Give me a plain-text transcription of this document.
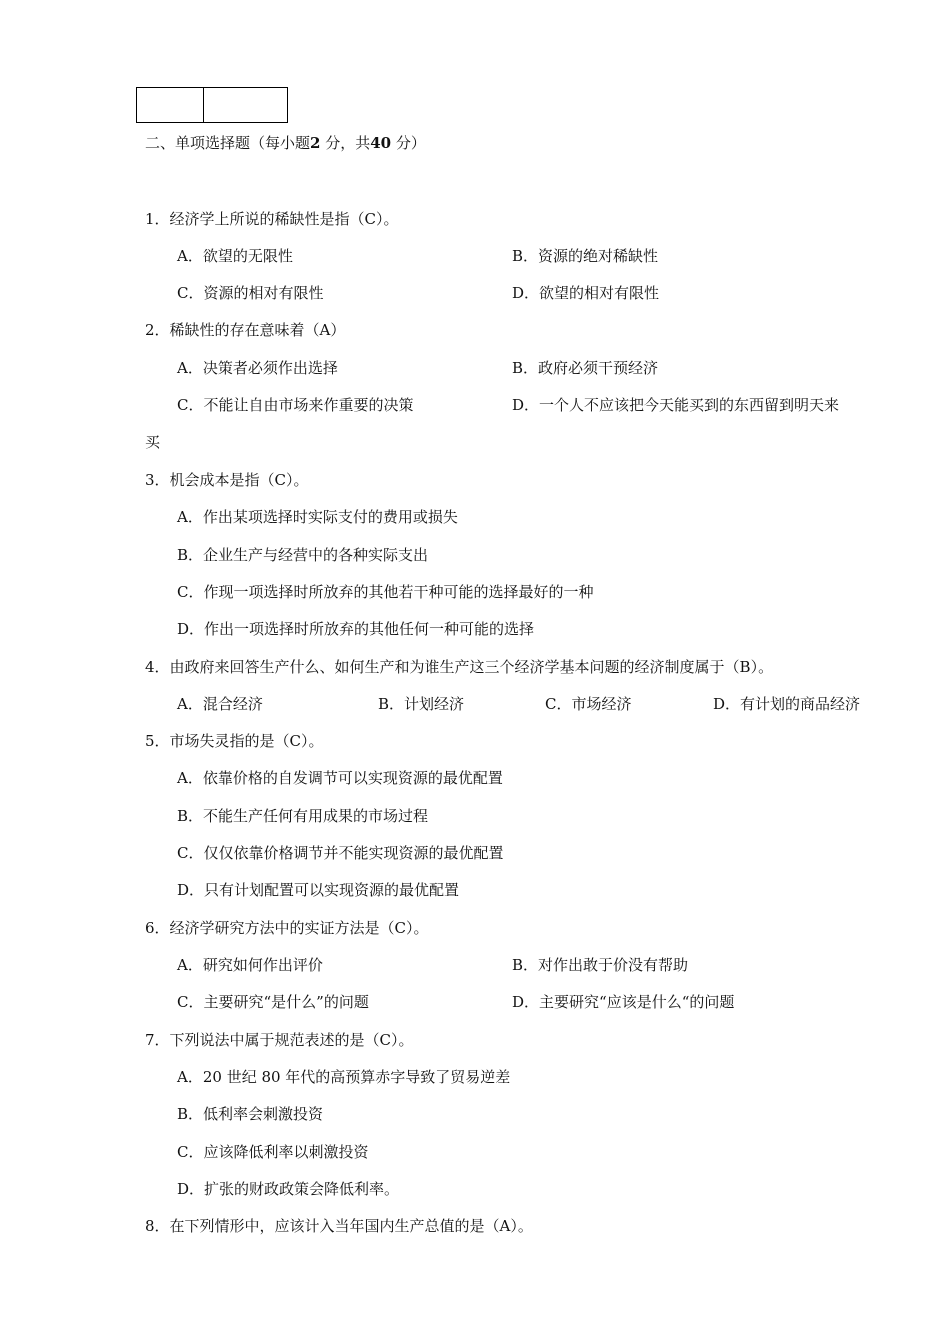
二、单项选择题（每小题2 分，共40 分）
1．经济学上所说的稀缺性是指（C）。
A．欲望的无限性	B．资源的绝对稀缺性
C．资源的相对有限性	D．欲望的相对有限性
2．稀缺性的存在意味着（A）
A．决策者必须作出选择	B．政府必须干预经济
C．不能让自由市场来作重要的决策	D．一个人不应该把今天能买到的东西留到明天来
买
3．机会成本是指（C）。
A．作出某项选择时实际支付的费用或损失
B．企业生产与经营中的各种实际支出
C．作现一项选择时所放弃的其他若干种可能的选择最好的一种
D．作出一项选择时所放弃的其他任何一种可能的选择
4．由政府来回答生产什么、如何生产和为谁生产这三个经济学基本问题的经济制度属于（B）。
A．混合经济	B．计划经济	C．市场经济	D．有计划的商品经济
5．市场失灵指的是（C）。
A．依靠价格的自发调节可以实现资源的最优配置
B．不能生产任何有用成果的市场过程
C．仅仅依靠价格调节并不能实现资源的最优配置
D．只有计划配置可以实现资源的最优配置
6．经济学研究方法中的实证方法是（C）。
A．研究如何作出评价	B．对作出敢于价没有帮助
C．主要研究“是什么”的问题	D．主要研究“应该是什么“的问题
7．下列说法中属于规范表述的是（C）。
A．20 世纪 80 年代的高预算赤字导致了贸易逆差
B．低利率会刺激投资
C．应该降低利率以刺激投资
D．扩张的财政政策会降低利率。
8．在下列情形中，应该计入当年国内生产总值的是（A）。
